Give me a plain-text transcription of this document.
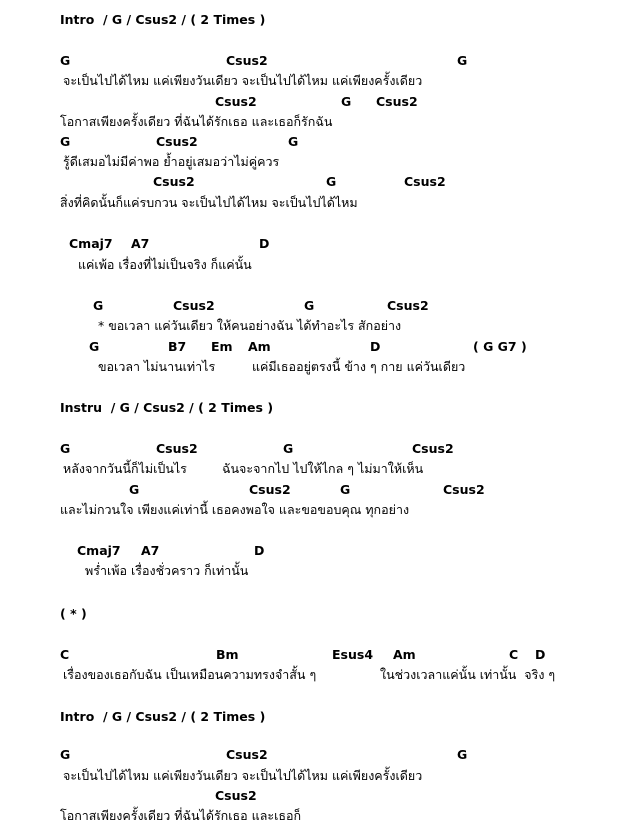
Intro  / G / Csus2 / ( 2 Times )
G	Csus2	G
จะเป็นไปได้ไหม แค่เพียงวันเดียว จะเป็นไปได้ไหม แค่เพียงครั้งเดียว
Csus2	G Csus2
โอกาสเพียงครั้งเดียว ที่ฉันได้รักเธอ และเธอก็รักฉัน
G	Csus2	G
รู้ดีเสมอไม่มีค่าพอ ย้ำอยู่เสมอว่าไม่คู่ควร
Csus2	G	Csus2
สิ่งที่คิดนั้นก็แค่รบกวน จะเป็นไปได้ไหม จะเป็นไปได้ไหม
Cmaj7 A7	D
แค่เพ้อ เรื่องที่ไม่เป็นจริง ก็แค่นั้น
G	Csus2	G	Csus2
* ขอเวลา แค่วันเดียว ให้คนอย่างฉัน ได้ทำอะไร สักอย่าง
G	B7 Em Am	D	( G G7 )
ขอเวลา ไม่นานเท่าไร	แค่มีเธออยู่ตรงนี้ ข้าง ๆ กาย แค่วันเดียว
Instru  / G / Csus2 / ( 2 Times )
G	Csus2	G	Csus2
หลังจากวันนี้ก็ไม่เป็นไร	ฉันจะจากไป ไปให้ไกล ๆ ไม่มาให้เห็น
G	Csus2	G	Csus2
และไม่กวนใจ เพียงแค่เท่านี้ เธอคงพอใจ และขอขอบคุณ ทุกอย่าง
Cmaj7 A7	D
พร่ำเพ้อ เรื่องชั่วคราว ก็เท่านั้น
( * )
C	Bm	Esus4 Am	C D
เรื่องของเธอกับฉัน เป็นเหมือนความทรงจำสั้น ๆ	ในช่วงเวลาแค่นั้น เท่านั้น  จริง ๆ
Intro  / G / Csus2 / ( 2 Times )
G	Csus2	G
จะเป็นไปได้ไหม แค่เพียงวันเดียว จะเป็นไปได้ไหม แค่เพียงครั้งเดียว
Csus2
โอกาสเพียงครั้งเดียว ที่ฉันได้รักเธอ และเธอก็
